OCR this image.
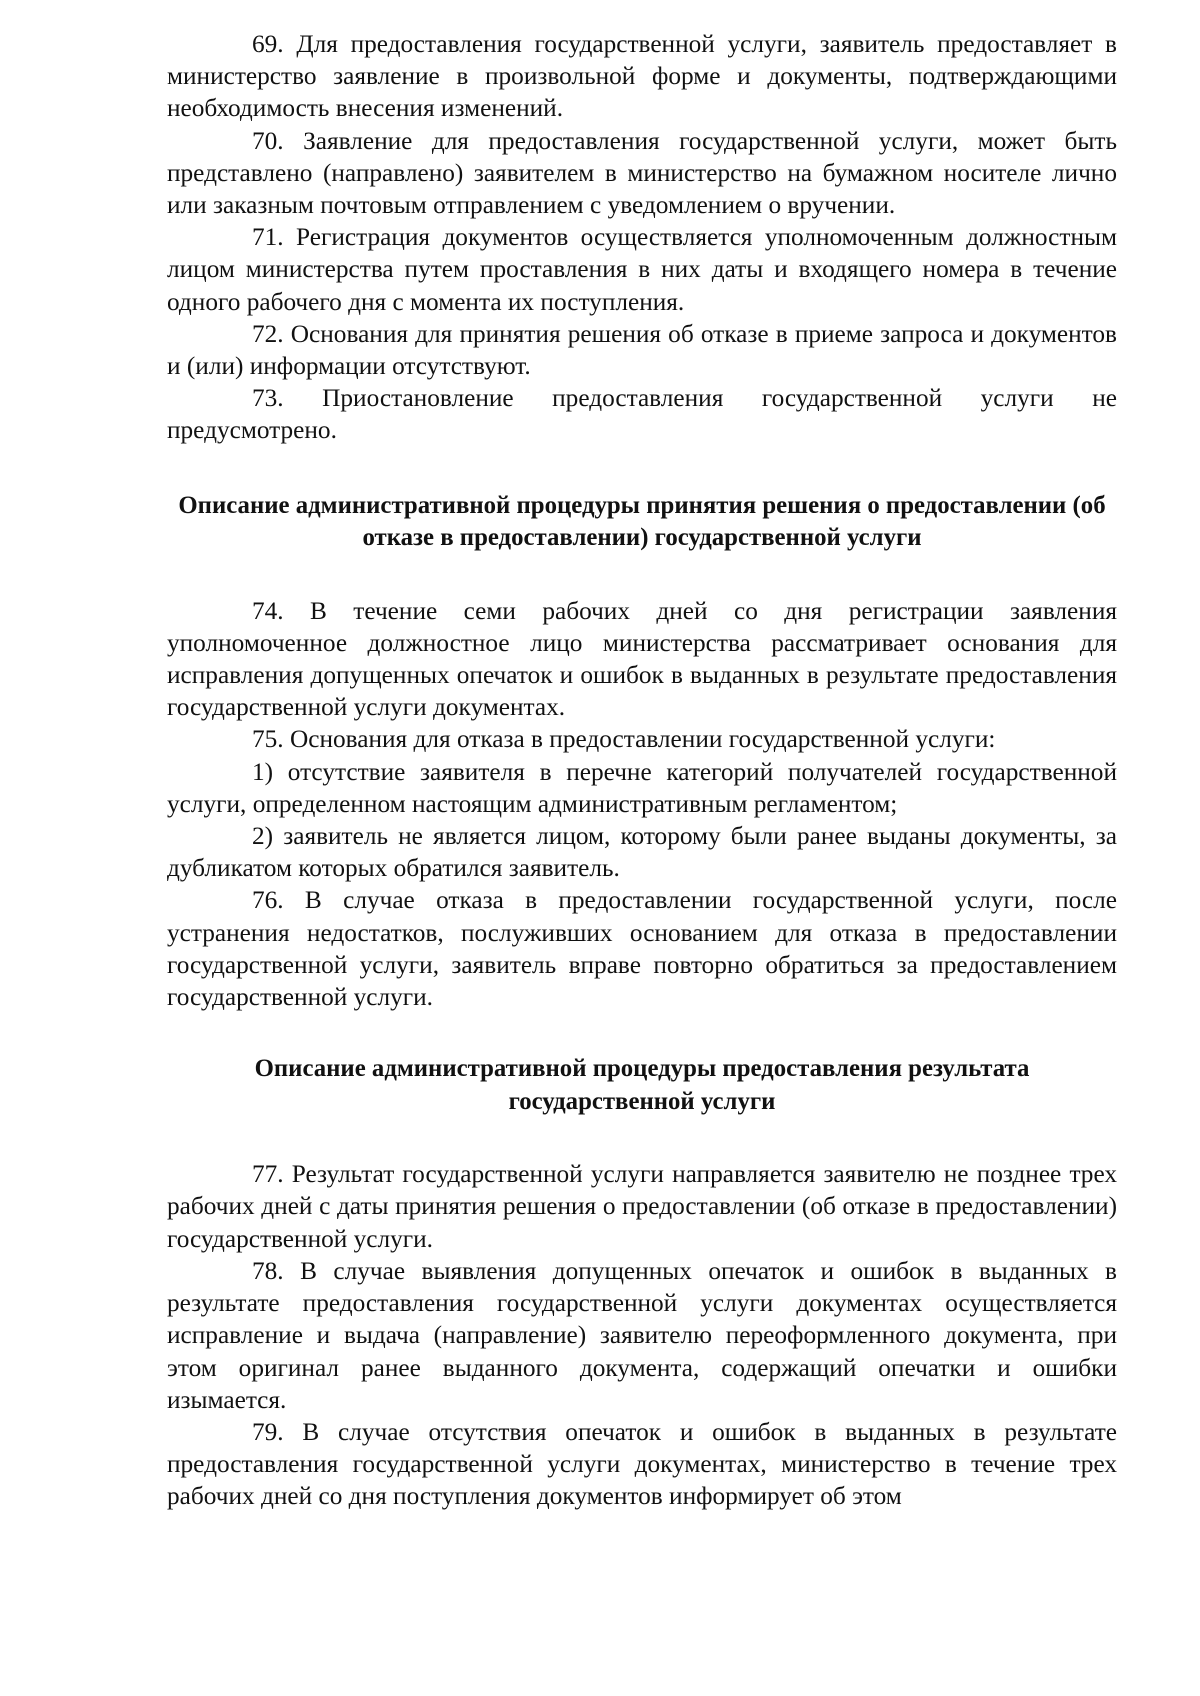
69. Для предоставления государственной услуги, заявитель предоставляет в министерство заявление в произвольной форме и документы, подтверждающими необходимость внесения изменений.

70. Заявление для предоставления государственной услуги, может быть представлено (направлено) заявителем в министерство на бумажном носителе лично или заказным почтовым отправлением с уведомлением о вручении.

71. Регистрация документов осуществляется уполномоченным должностным лицом министерства путем проставления в них даты и входящего номера в течение одного рабочего дня с момента их поступления.

72. Основания для принятия решения об отказе в приеме запроса и документов и (или) информации отсутствуют.

73. Приостановление предоставления государственной услуги не предусмотрено.

Описание административной процедуры принятия решения о предоставлении (об отказе в предоставлении) государственной услуги

74. В течение семи рабочих дней со дня регистрации заявления уполномоченное должностное лицо министерства рассматривает основания для исправления допущенных опечаток и ошибок в выданных в результате предоставления государственной услуги документах.

75. Основания для отказа в предоставлении государственной услуги:

1) отсутствие заявителя в перечне категорий получателей государственной услуги, определенном настоящим административным регламентом;

2) заявитель не является лицом, которому были ранее выданы документы, за дубликатом которых обратился заявитель.

76. В случае отказа в предоставлении государственной услуги, после устранения недостатков, послуживших основанием для отказа в предоставлении государственной услуги, заявитель вправе повторно обратиться за предоставлением государственной услуги.

Описание административной процедуры предоставления результата государственной услуги

77. Результат государственной услуги направляется заявителю не позднее трех рабочих дней с даты принятия решения о предоставлении (об отказе в предоставлении) государственной услуги.

78. В случае выявления допущенных опечаток и ошибок в выданных в результате предоставления государственной услуги документах осуществляется исправление и выдача (направление) заявителю переоформленного документа, при этом оригинал ранее выданного документа, содержащий опечатки и ошибки изымается.

79. В случае отсутствия опечаток и ошибок в выданных в результате предоставления государственной услуги документах, министерство в течение трех рабочих дней со дня поступления документов информирует об этом
